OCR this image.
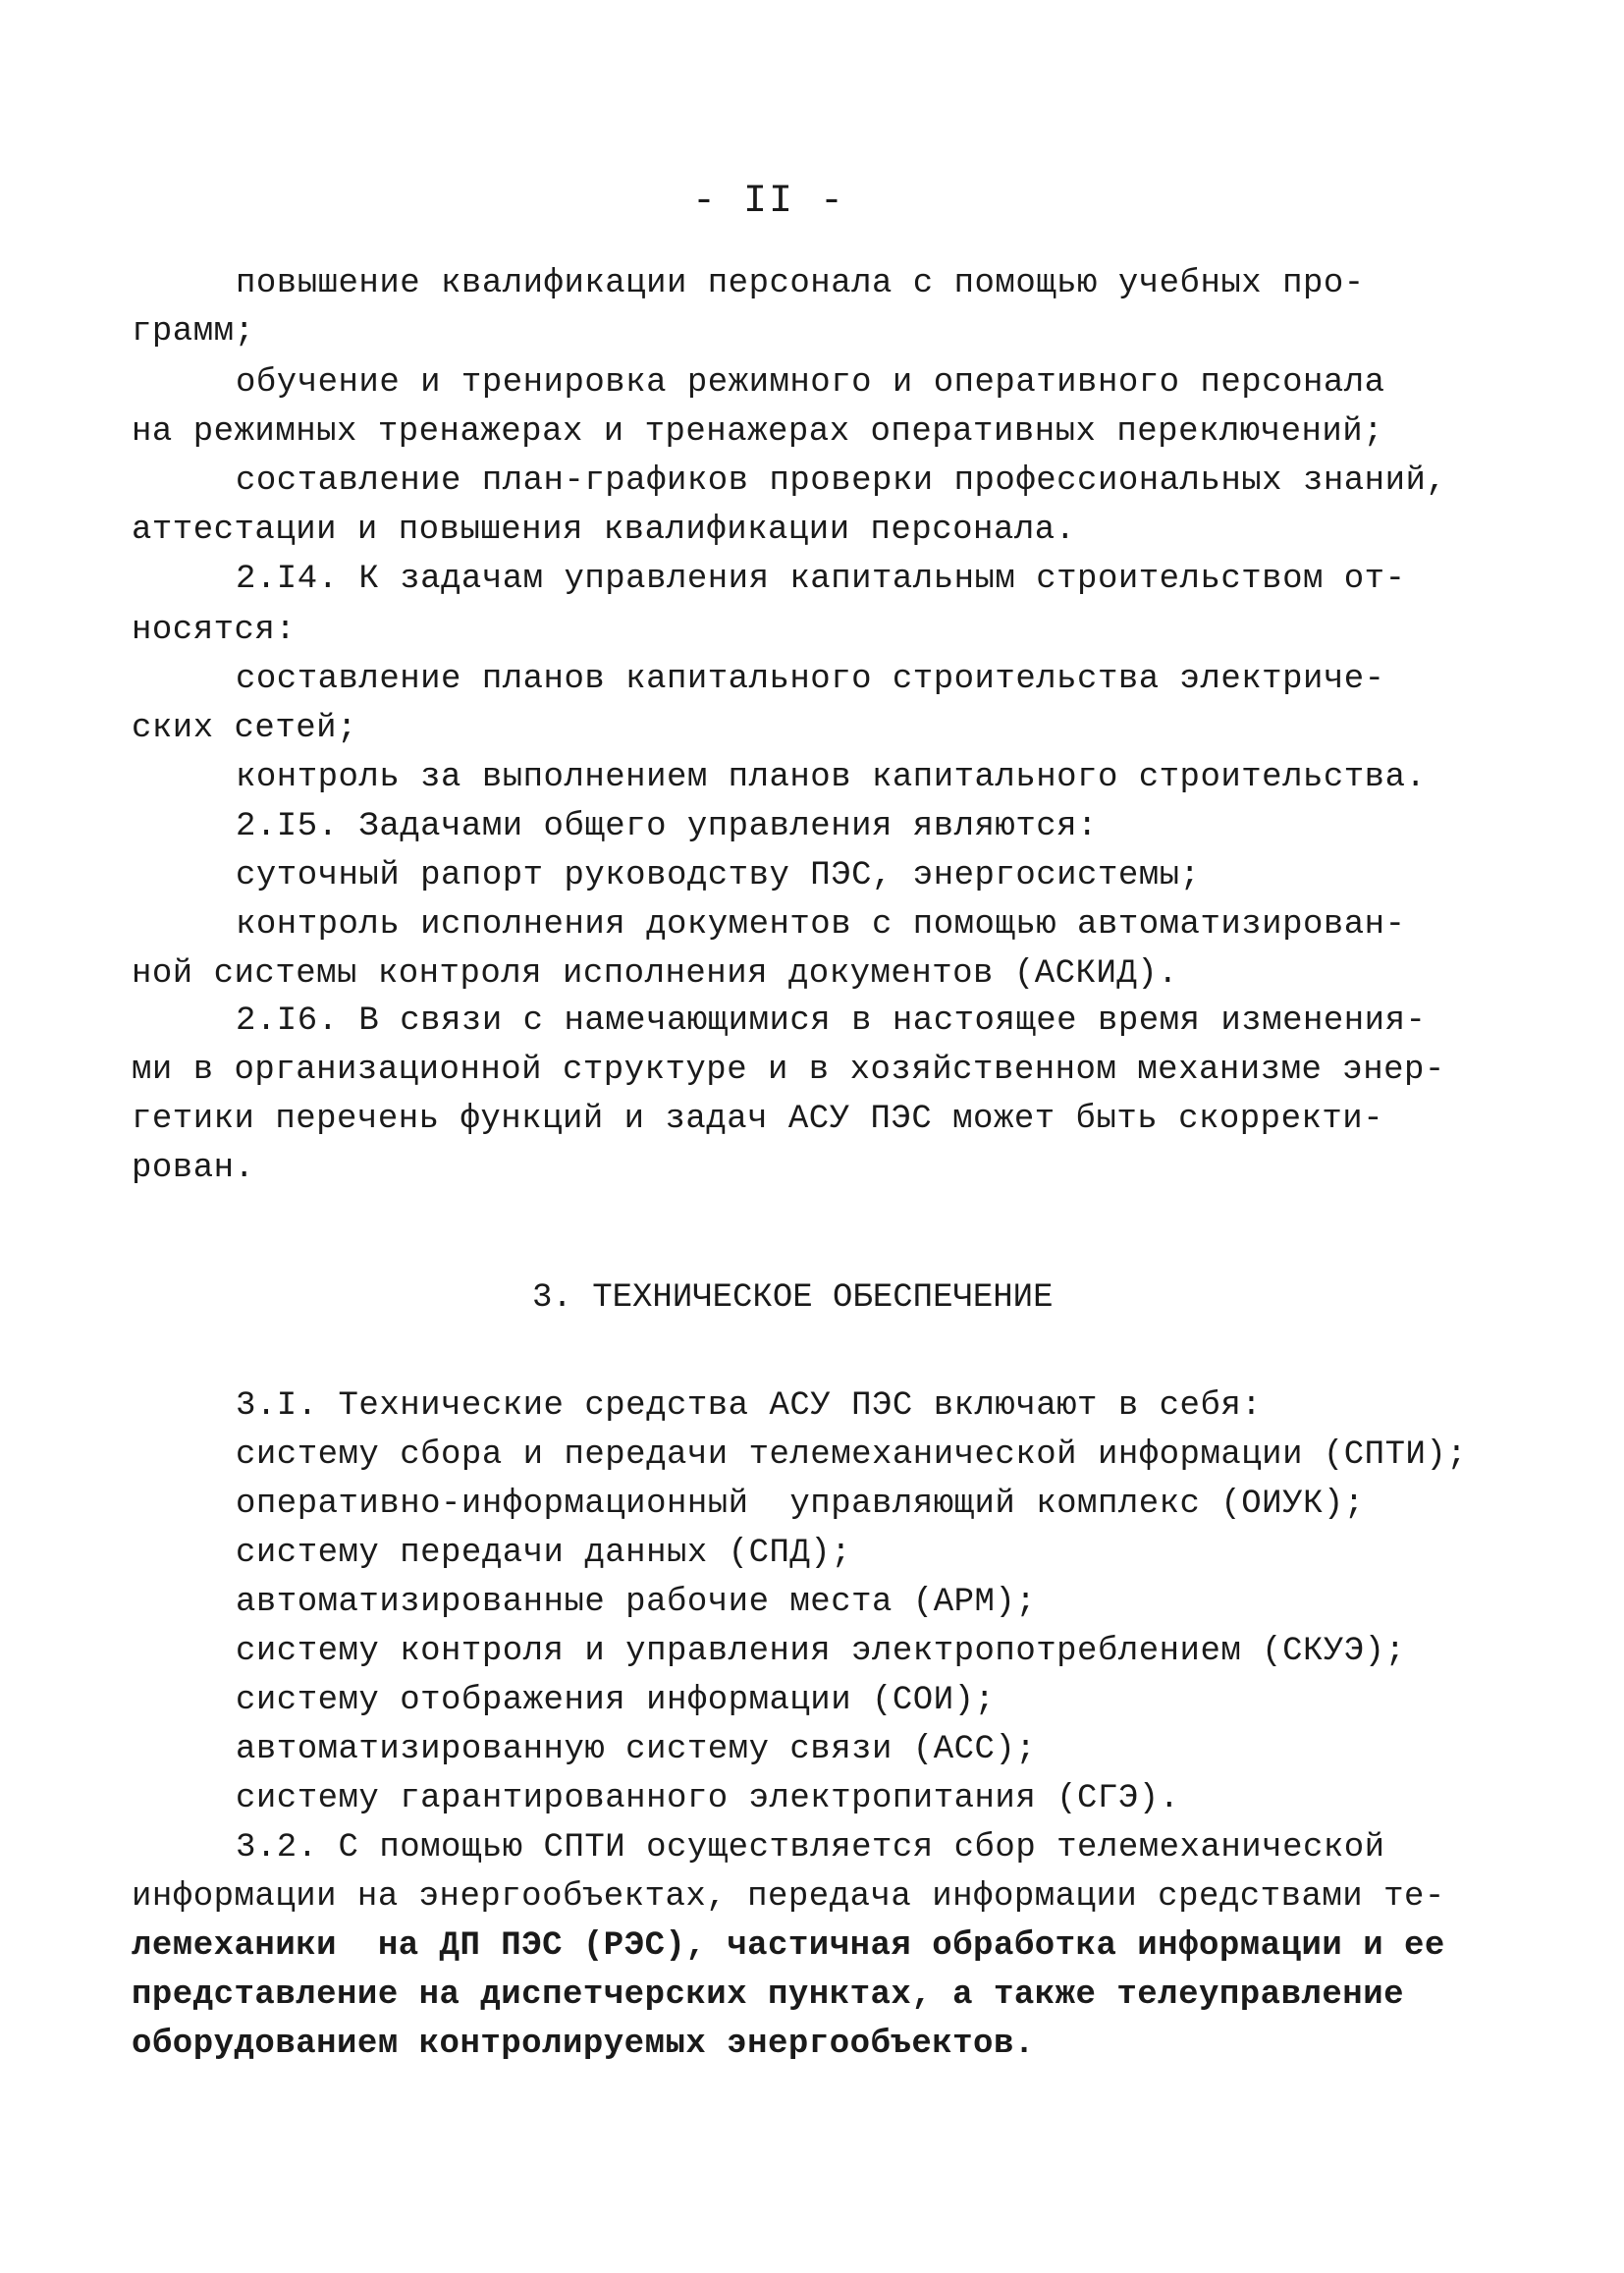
- II -
повышение квалификации персонала с помощью учебных про-
грамм;
обучение и тренировка режимного и оперативного персонала
на режимных тренажерах и тренажерах оперативных переключений;
составление план-графиков проверки профессиональных знаний,
аттестации и повышения квалификации персонала.
2.I4. К задачам управления капитальным строительством от-
носятся:
составление планов капитального строительства электриче-
ских сетей;
контроль за выполнением планов капитального строительства.
2.I5. Задачами общего управления являются:
суточный рапорт руководству ПЭС, энергосистемы;
контроль исполнения документов с помощью автоматизирован-
ной системы контроля исполнения документов (АСКИД).
2.I6. В связи с намечающимися в настоящее время изменения-
ми в организационной структуре и в хозяйственном механизме энер-
гетики перечень функций и задач АСУ ПЭС может быть скорректи-
рован.
3. ТЕХНИЧЕСКОЕ ОБЕСПЕЧЕНИЕ
3.I. Технические средства АСУ ПЭС включают в себя:
систему сбора и передачи телемеханической информации (СПТИ);
оперативно-информационный  управляющий комплекс (ОИУК);
систему передачи данных (СПД);
автоматизированные рабочие места (АРМ);
систему контроля и управления электропотреблением (СКУЭ);
систему отображения информации (СОИ);
автоматизированную систему связи (АСС);
систему гарантированного электропитания (СГЭ).
3.2. С помощью СПТИ осуществляется сбор телемеханической
информации на энергообъектах, передача информации средствами те-
лемеханики  на ДП ПЭС (РЭС), частичная обработка информации и ее
представление на диспетчерских пунктах, а также телеуправление
оборудованием контролируемых энергообъектов.
